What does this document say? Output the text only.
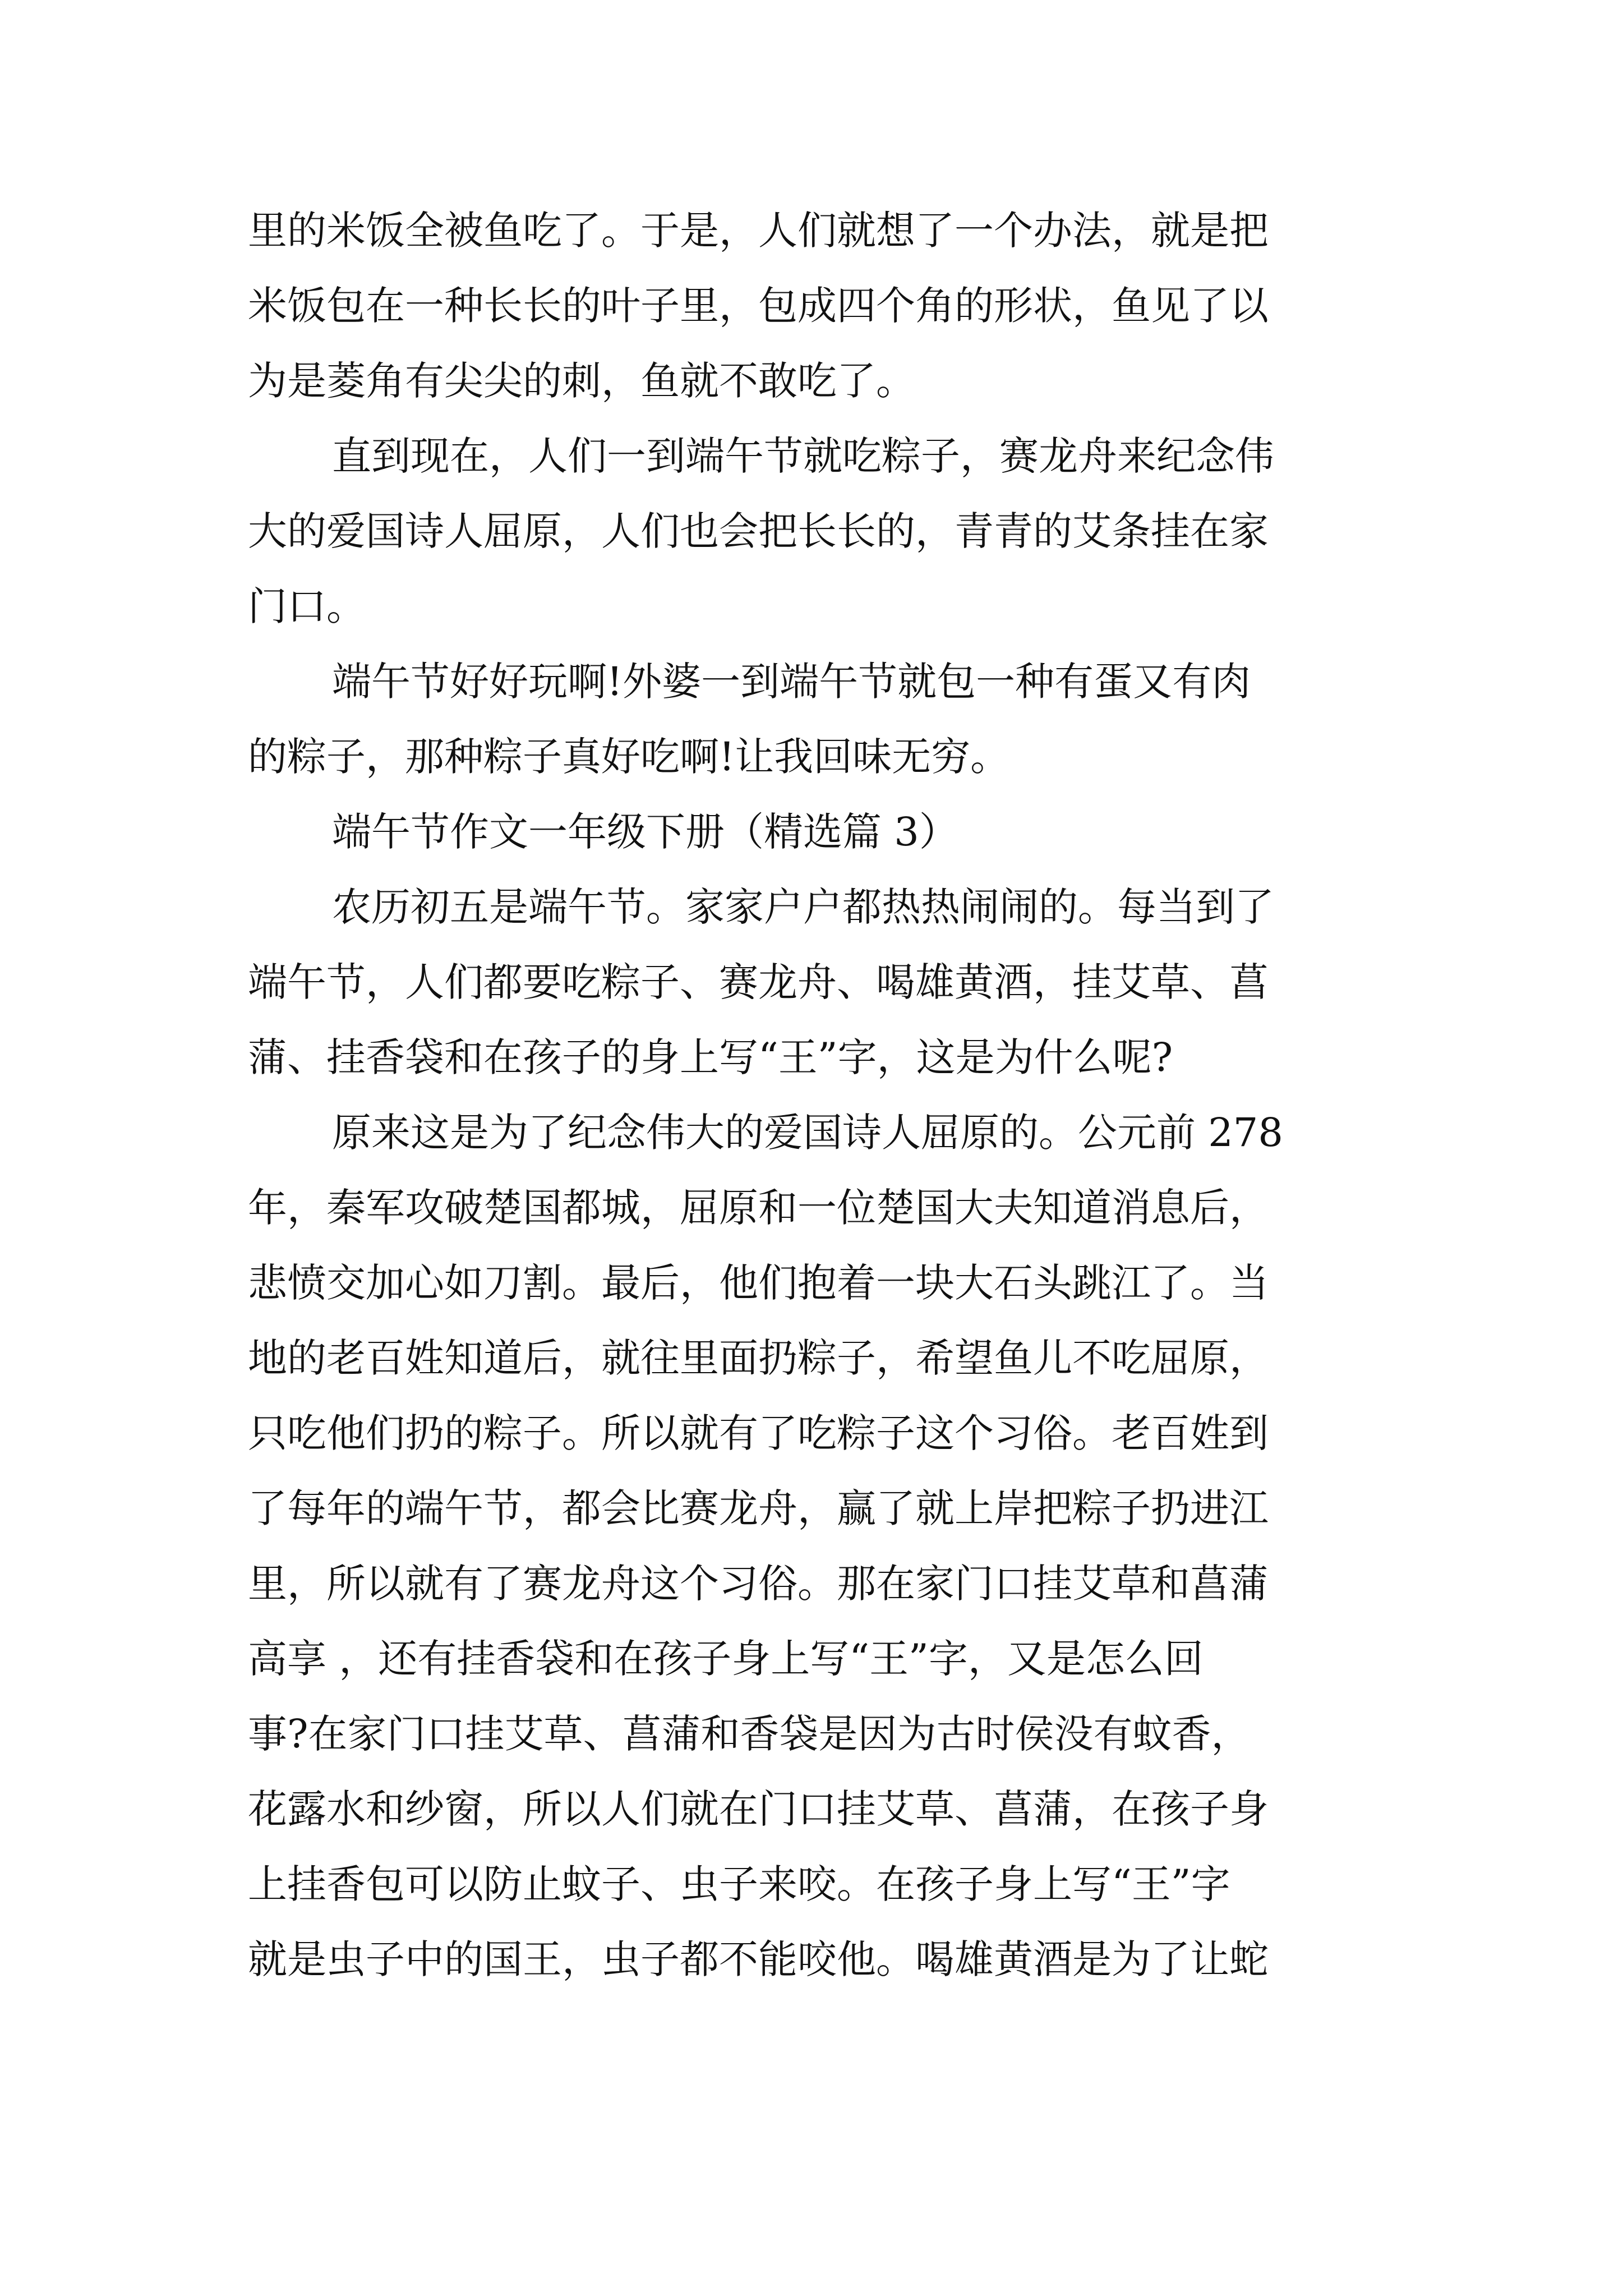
里的米饭全被鱼吃了。于是，人们就想了一个办法，就是把
米饭包在一种长长的叶子里，包成四个角的形状，鱼见了以
为是菱角有尖尖的刺，鱼就不敢吃了。
直到现在，人们一到端午节就吃粽子，赛龙舟来纪念伟
大的爱国诗人屈原，人们也会把长长的，青青的艾条挂在家
门口。
端午节好好玩啊!外婆一到端午节就包一种有蛋又有肉
的粽子，那种粽子真好吃啊!让我回味无穷。
端午节作文一年级下册（精选篇 3）
农历初五是端午节。家家户户都热热闹闹的。每当到了
端午节，人们都要吃粽子、赛龙舟、喝雄黄酒，挂艾草、菖
蒲、挂香袋和在孩子的身上写“王”字，这是为什么呢?
原来这是为了纪念伟大的爱国诗人屈原的。公元前 278
年，秦军攻破楚国都城，屈原和一位楚国大夫知道消息后，
悲愤交加心如刀割。最后，他们抱着一块大石头跳江了。当
地的老百姓知道后，就往里面扔粽子，希望鱼儿不吃屈原，
只吃他们扔的粽子。所以就有了吃粽子这个习俗。老百姓到
了每年的端午节，都会比赛龙舟，赢了就上岸把粽子扔进江
里，所以就有了赛龙舟这个习俗。那在家门口挂艾草和菖蒲
高享 ，还有挂香袋和在孩子身上写“王”字，又是怎么回
事?在家门口挂艾草、菖蒲和香袋是因为古时侯没有蚊香，
花露水和纱窗，所以人们就在门口挂艾草、菖蒲，在孩子身
上挂香包可以防止蚊子、虫子来咬。在孩子身上写“王”字
就是虫子中的国王，虫子都不能咬他。喝雄黄酒是为了让蛇
